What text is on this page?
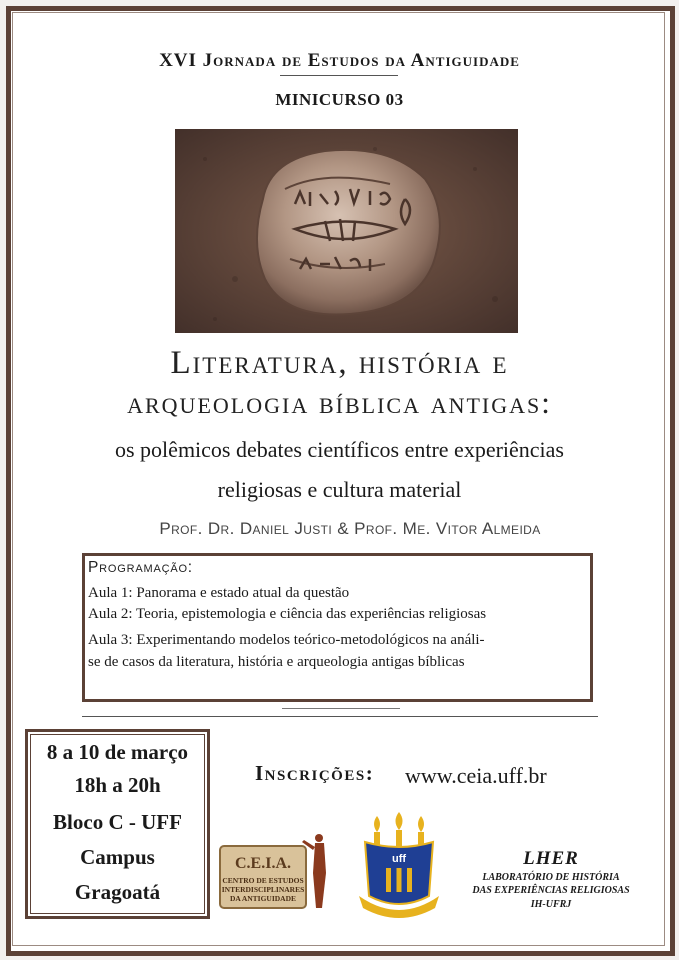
XVI Jornada de Estudos da Antiguidade
MINICURSO 03
Literatura, história e
arqueologia bíblica antigas:
os polêmicos debates científicos entre experiências
religiosas e cultura material
Prof. Dr. Daniel Justi & Prof. Me. Vitor Almeida
Programação:
Aula 1: Panorama e estado atual da questão
Aula 2: Teoria, epistemologia e ciência das experiências religiosas
Aula 3: Experimentando modelos teórico-metodológicos na análi-
se de casos da literatura, história e arqueologia antigas bíblicas
8 a 10 de março
18h a 20h
Bloco C - UFF
Campus
Gragoatá
Inscrições: www.ceia.uff.br
C.E.I.A.
CENTRO DE ESTUDOS
INTERDISCIPLINARES
DA ANTIGUIDADE
uff	LHER
LABORATÓRIO DE HISTÓRIA
DAS EXPERIÊNCIAS RELIGIOSAS
IH-UFRJ
